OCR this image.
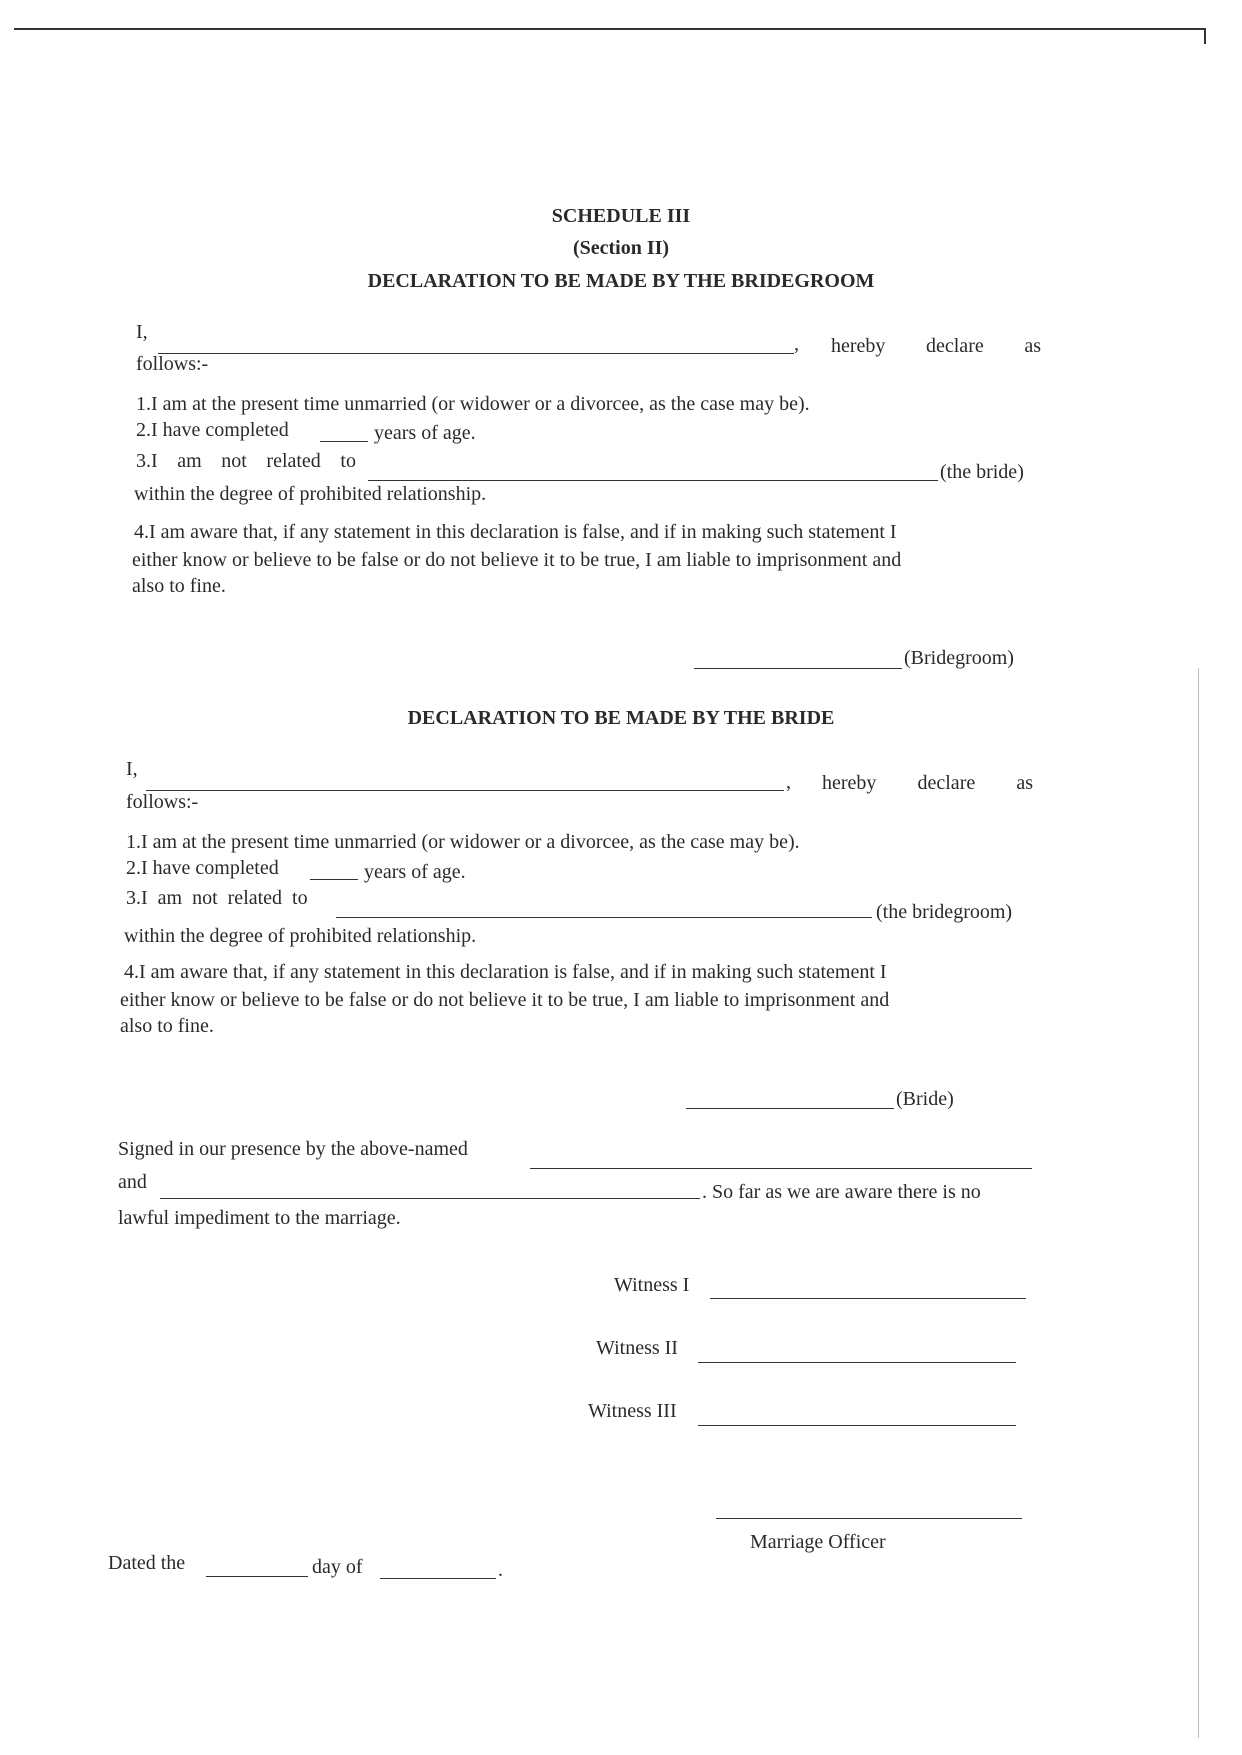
SCHEDULE III
(Section II)
DECLARATION TO BE MADE BY THE BRIDEGROOM
I,
, hereby declare as
follows:-
1.I am at the present time unmarried (or widower or a divorcee, as the case may be).
2.I have completed	years of age.
3.I am not related to	(the bride)
within the degree of prohibited relationship.
4.I am aware that, if any statement in this declaration is false, and if in making such statement I
either know or believe to be false or do not believe it to be true, I am liable to imprisonment and
also to fine.
(Bridegroom)
DECLARATION TO BE MADE BY THE BRIDE
I,
, hereby declare as
follows:-
1.I am at the present time unmarried (or widower or a divorcee, as the case may be).
2.I have completed	years of age.
3.I  am  not  related  to
(the bridegroom)
within the degree of prohibited relationship.
4.I am aware that, if any statement in this declaration is false, and if in making such statement I
either know or believe to be false or do not believe it to be true, I am liable to imprisonment and
also to fine.
(Bride)
Signed in our presence by the above-named
and	. So far as we are aware there is no
lawful impediment to the marriage.
Witness I
Witness II
Witness III
Marriage Officer
Dated the	day of	.
